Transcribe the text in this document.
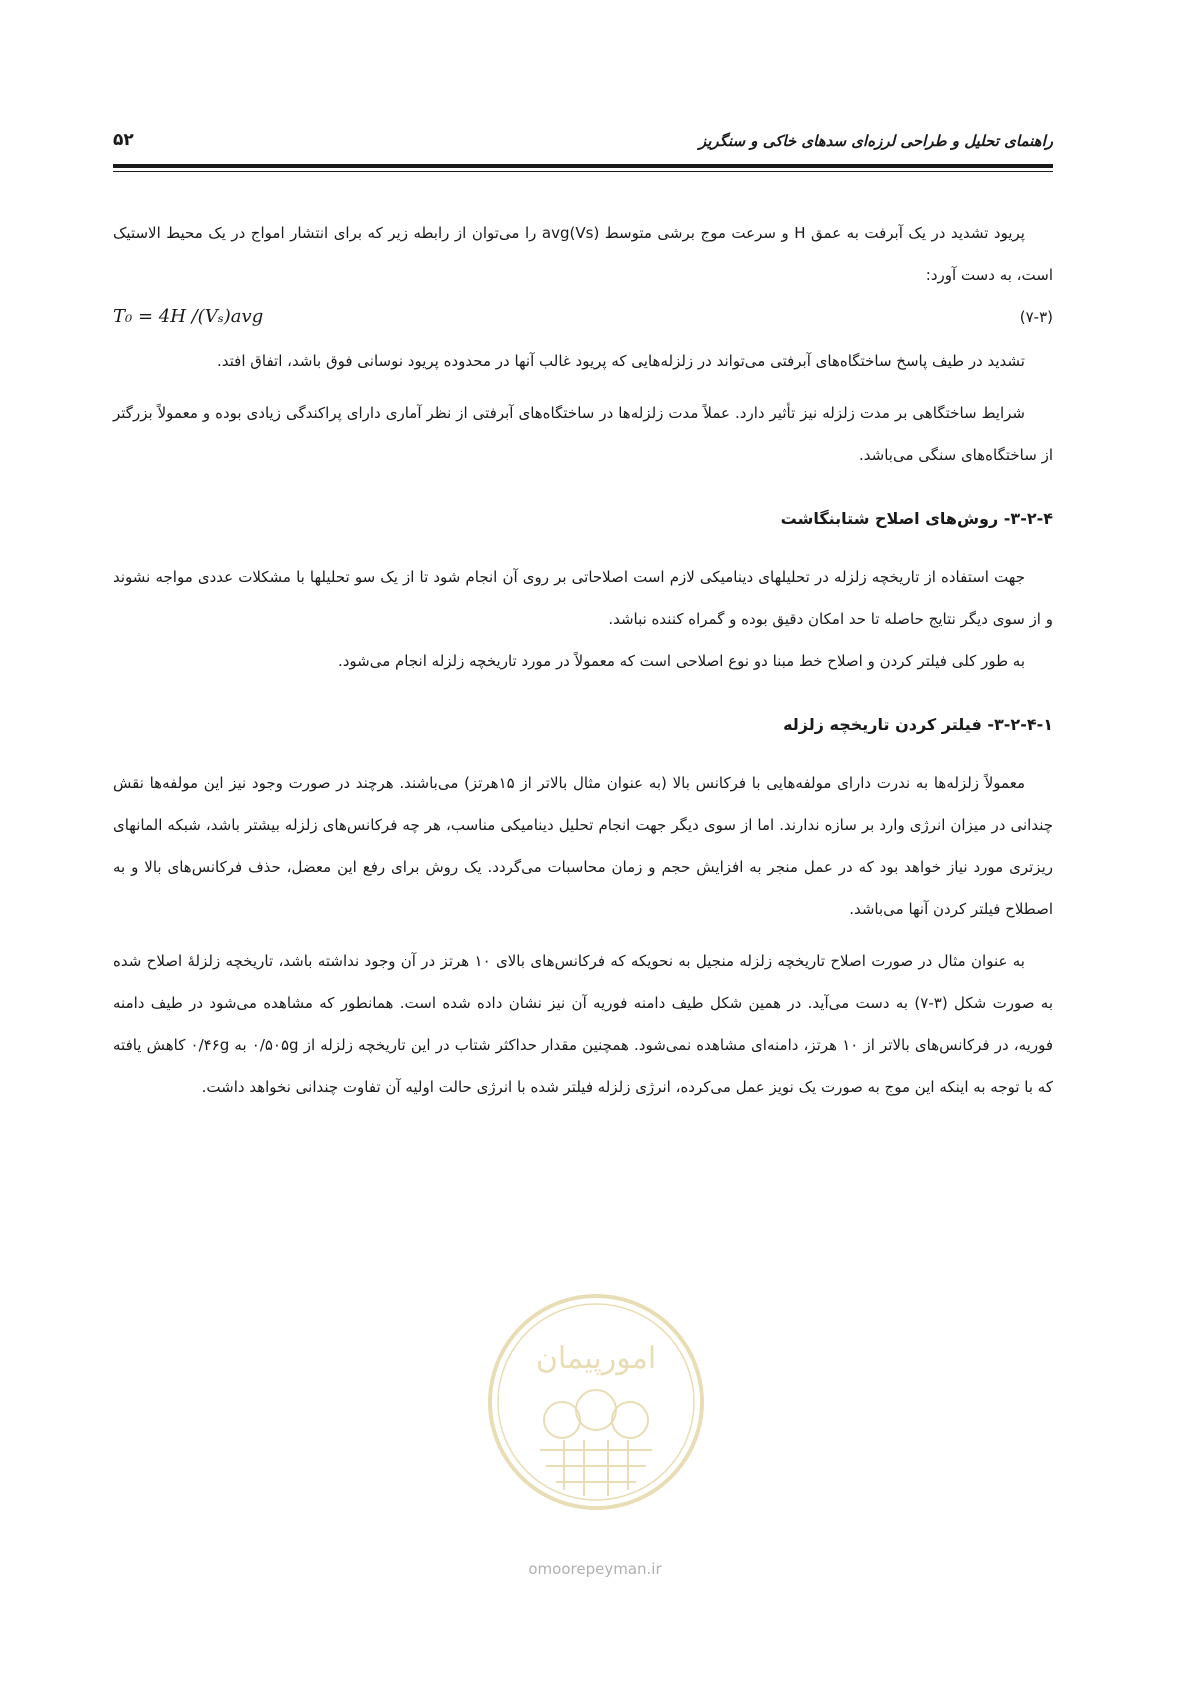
راهنمای تحلیل و طراحی لرزه‌ای سدهای خاکی و سنگریز
۵۲

پریود تشدید در یک آبرفت به عمق H و سرعت موج برشی متوسط (Vs)avg را می‌توان از رابطه زیر که برای انتشار امواج در یک محیط الاستیک است، به دست آورد:

T₀ = 4H /(Vₛ)avg	(۷-۳)

تشدید در طیف پاسخ ساختگاه‌های آبرفتی می‌تواند در زلزله‌هایی که پریود غالب آنها در محدوده پریود نوسانی فوق باشد، اتفاق افتد.

شرایط ساختگاهی بر مدت زلزله نیز تأثیر دارد. عملاً مدت زلزله‌ها در ساختگاه‌های آبرفتی از نظر آماری دارای پراکندگی زیادی بوده و معمولاً بزرگتر از ساختگاه‌های سنگی می‌باشد.

۳-۲-۴- روش‌های اصلاح شتابنگاشت

جهت استفاده از تاریخچه زلزله در تحلیلهای دینامیکی لازم است اصلاحاتی بر روی آن انجام شود تا از یک سو تحلیلها با مشکلات عددی مواجه نشوند و از سوی دیگر نتایج حاصله تا حد امکان دقیق بوده و گمراه کننده نباشد.

به طور کلی فیلتر کردن و اصلاح خط مبنا دو نوع اصلاحی است که معمولاً در مورد تاریخچه زلزله انجام می‌شود.

۳-۲-۴-۱- فیلتر کردن تاریخچه زلزله

معمولاً زلزله‌ها به ندرت دارای مولفه‌هایی با فرکانس بالا (به عنوان مثال بالاتر از ۱۵هرتز) می‌باشند. هرچند در صورت وجود نیز این مولفه‌ها نقش چندانی در میزان انرژی وارد بر سازه ندارند. اما از سوی دیگر جهت انجام تحلیل دینامیکی مناسب، هر چه فرکانس‌های زلزله بیشتر باشد، شبکه المانهای ریزتری مورد نیاز خواهد بود که در عمل منجر به افزایش حجم و زمان محاسبات می‌گردد. یک روش برای رفع این معضل، حذف فرکانس‌های بالا و به اصطلاح فیلتر کردن آنها می‌باشد.

به عنوان مثال در صورت اصلاح تاریخچه زلزله منجیل به نحویکه که فرکانس‌های بالای ۱۰ هرتز در آن وجود نداشته باشد، تاریخچه زلزلهٔ اصلاح شده به صورت شکل (۳-۷) به دست می‌آید. در همین شکل طیف دامنه فوریه آن نیز نشان داده شده است. همانطور که مشاهده می‌شود در طیف دامنه فوریه، در فرکانس‌های بالاتر از ۱۰ هرتز، دامنه‌ای مشاهده نمی‌شود. همچنین مقدار حداکثر شتاب در این تاریخچه زلزله از ۰/۵۰۵g به ۰/۴۶g کاهش یافته که با توجه به اینکه این موج به صورت یک نویز عمل می‌کرده، انرژی زلزله فیلتر شده با انرژی حالت اولیه آن تفاوت چندانی نخواهد داشت.

امورپیمان
omoorepeyman.ir
